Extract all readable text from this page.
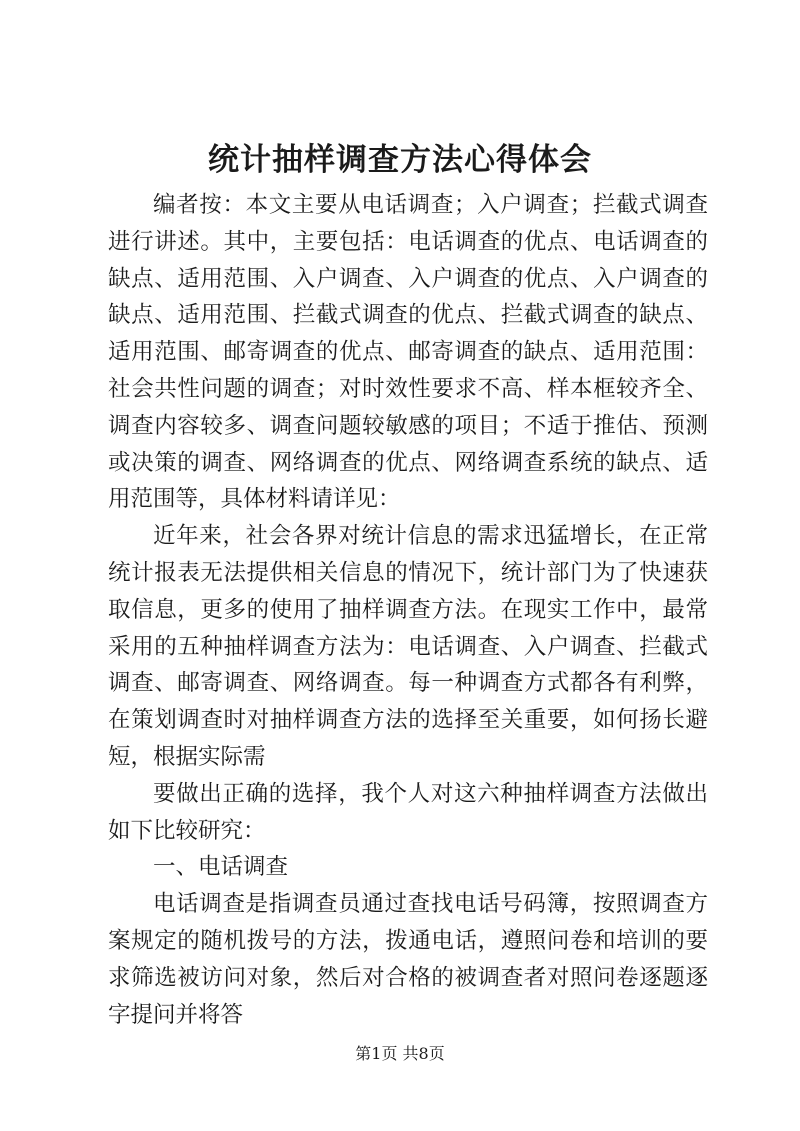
统计抽样调查方法心得体会

编者按：本文主要从电话调查；入户调查；拦截式调查进行讲述。其中，主要包括：电话调查的优点、电话调查的缺点、适用范围、入户调查、入户调查的优点、入户调查的缺点、适用范围、拦截式调查的优点、拦截式调查的缺点、适用范围、邮寄调查的优点、邮寄调查的缺点、适用范围：社会共性问题的调查；对时效性要求不高、样本框较齐全、调查内容较多、调查问题较敏感的项目；不适于推估、预测或决策的调查、网络调查的优点、网络调查系统的缺点、适用范围等，具体材料请详见：

近年来，社会各界对统计信息的需求迅猛增长，在正常统计报表无法提供相关信息的情况下，统计部门为了快速获取信息，更多的使用了抽样调查方法。在现实工作中，最常采用的五种抽样调查方法为：电话调查、入户调查、拦截式调查、邮寄调查、网络调查。每一种调查方式都各有利弊，在策划调查时对抽样调查方法的选择至关重要，如何扬长避短，根据实际需

要做出正确的选择，我个人对这六种抽样调查方法做出如下比较研究：

一、电话调查

电话调查是指调查员通过查找电话号码簿，按照调查方案规定的随机拨号的方法，拨通电话，遵照问卷和培训的要求筛选被访问对象，然后对合格的被调查者对照问卷逐题逐字提问并将答

第1页 共8页
